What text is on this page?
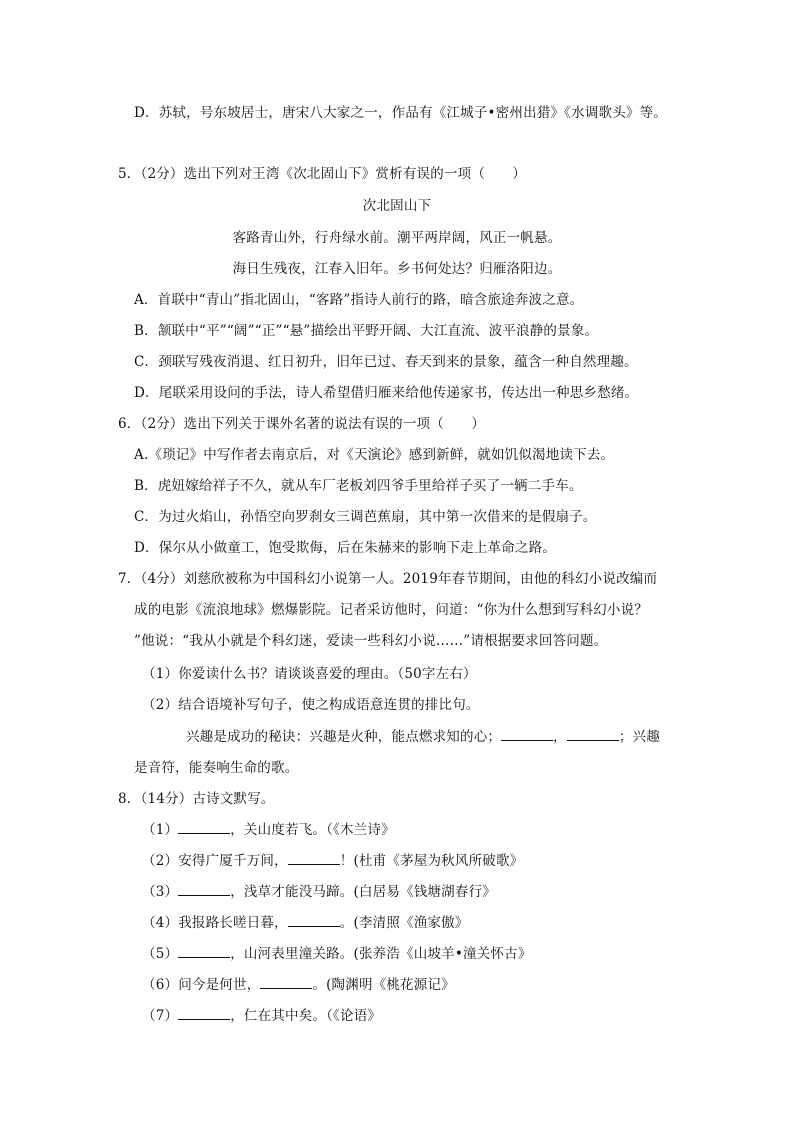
D．苏轼，号东坡居士，唐宋八大家之一，作品有《江城子•密州出猎》《水调歌头》等。
5．（2分）选出下列对王湾《次北固山下》赏析有误的一项（　　）
次北固山下
客路青山外，行舟绿水前。潮平两岸阔，风正一帆悬。
海日生残夜，江春入旧年。乡书何处达？归雁洛阳边。
A．首联中“青山”指北固山，“客路”指诗人前行的路，暗含旅途奔波之意。
B．颔联中“平”“阔”“正”“悬”描绘出平野开阔、大江直流、波平浪静的景象。
C．颈联写残夜消退、红日初升，旧年已过、春天到来的景象，蕴含一种自然理趣。
D．尾联采用设问的手法，诗人希望借归雁来给他传递家书，传达出一种思乡愁绪。
6．（2分）选出下列关于课外名著的说法有误的一项（　　）
A.《琐记》中写作者去南京后，对《天演论》感到新鲜，就如饥似渴地读下去。
B．虎妞嫁给祥子不久，就从车厂老板刘四爷手里给祥子买了一辆二手车。
C．为过火焰山，孙悟空向罗刹女三调芭蕉扇，其中第一次借来的是假扇子。
D．保尔从小做童工，饱受欺侮，后在朱赫来的影响下走上革命之路。
7．（4分）刘慈欣被称为中国科幻小说第一人。2019年春节期间，由他的科幻小说改编而
成的电影《流浪地球》燃爆影院。记者采访他时，问道：“你为什么想到写科幻小说？
”他说：“我从小就是个科幻迷，爱读一些科幻小说……”请根据要求回答问题。
（1）你爱读什么书？请谈谈喜爱的理由。（50字左右）
（2）结合语境补写句子，使之构成语意连贯的排比句。
兴趣是成功的秘诀：兴趣是火种，能点燃求知的心；	，	；兴趣
是音符，能奏响生命的歌。
8．（14分）古诗文默写。
（1）	，关山度若飞。（《木兰诗》
（2）安得广厦千万间，	！(杜甫《茅屋为秋风所破歌》
（3）	，浅草才能没马蹄。(白居易《钱塘湖春行》
（4）我报路长嗟日暮，	。(李清照《渔家傲》
（5）	，山河表里潼关路。(张养浩《山坡羊•潼关怀古》
（6）问今是何世，	。(陶渊明《桃花源记》
（7）	，仁在其中矣。（《论语》
